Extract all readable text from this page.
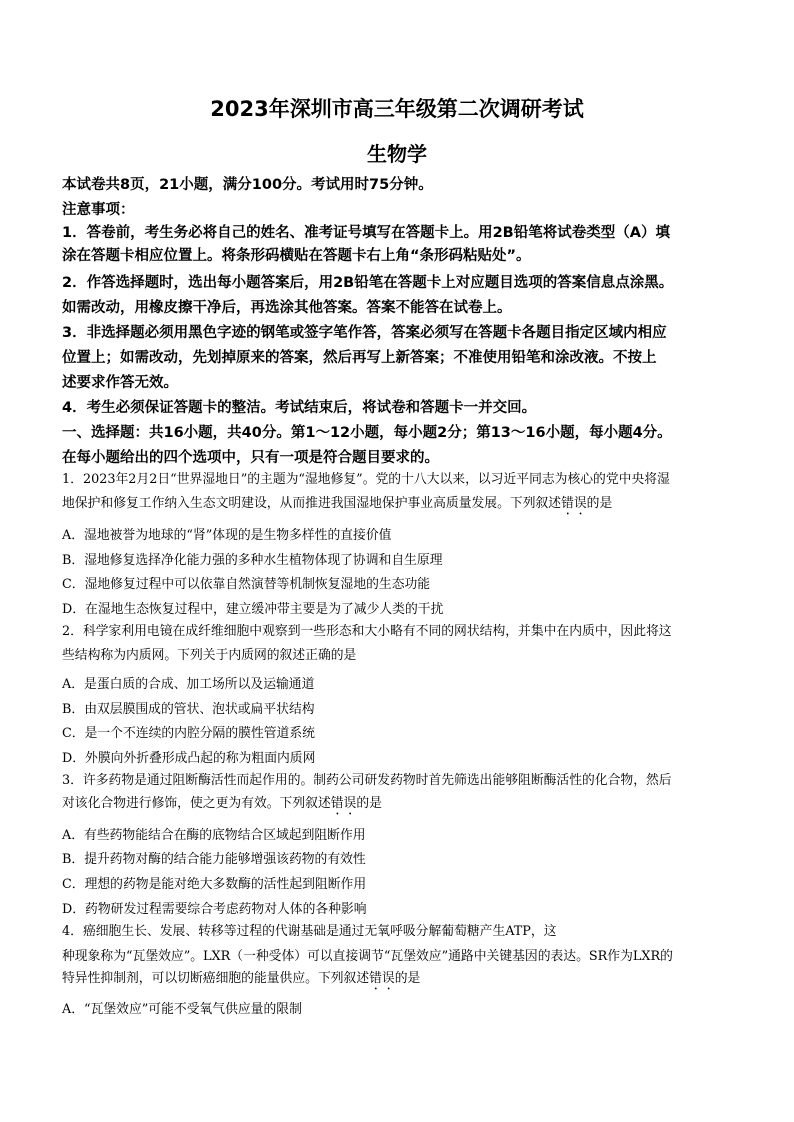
2023年深圳市高三年级第二次调研考试
生物学
本试卷共8页，21小题，满分100分。考试用时75分钟。
注意事项：
1．答卷前，考生务必将自己的姓名、准考证号填写在答题卡上。用2B铅笔将试卷类型（A）填
涂在答题卡相应位置上。将条形码横贴在答题卡右上角“条形码粘贴处”。
2．作答选择题时，选出每小题答案后，用2B铅笔在答题卡上对应题目选项的答案信息点涂黑。
如需改动，用橡皮擦干净后，再选涂其他答案。答案不能答在试卷上。
3．非选择题必须用黑色字迹的钢笔或签字笔作答，答案必须写在答题卡各题目指定区域内相应
位置上；如需改动，先划掉原来的答案，然后再写上新答案；不准使用铅笔和涂改液。不按上
述要求作答无效。
4．考生必须保证答题卡的整洁。考试结束后，将试卷和答题卡一并交回。
一、选择题：共16小题，共40分。第1～12小题，每小题2分；第13～16小题，每小题4分。
在每小题给出的四个选项中，只有一项是符合题目要求的。
1．2023年2月2日“世界湿地日”的主题为“湿地修复”。党的十八大以来，以习近平同志为核心的党中央将湿
地保护和修复工作纳入生态文明建设，从而推进我国湿地保护事业高质量发展。下列叙述错误的是
A．湿地被誉为地球的“肾”体现的是生物多样性的直接价值
B．湿地修复选择净化能力强的多种水生植物体现了协调和自生原理
C．湿地修复过程中可以依靠自然演替等机制恢复湿地的生态功能
D．在湿地生态恢复过程中，建立缓冲带主要是为了减少人类的干扰
2．科学家利用电镜在成纤维细胞中观察到一些形态和大小略有不同的网状结构，并集中在内质中，因此将这
些结构称为内质网。下列关于内质网的叙述正确的是
A．是蛋白质的合成、加工场所以及运输通道
B．由双层膜围成的管状、泡状或扁平状结构
C．是一个不连续的内腔分隔的膜性管道系统
D．外膜向外折叠形成凸起的称为粗面内质网
3．许多药物是通过阻断酶活性而起作用的。制药公司研发药物时首先筛选出能够阻断酶活性的化合物，然后
对该化合物进行修饰，使之更为有效。下列叙述错误的是
A．有些药物能结合在酶的底物结合区域起到阻断作用
B．提升药物对酶的结合能力能够增强该药物的有效性
C．理想的药物是能对绝大多数酶的活性起到阻断作用
D．药物研发过程需要综合考虑药物对人体的各种影响
4．癌细胞生长、发展、转移等过程的代谢基础是通过无氧呼吸分解葡萄糖产生ATP，这
种现象称为“瓦堡效应”。LXR（一种受体）可以直接调节“瓦堡效应”通路中关键基因的表达。SR作为LXR的
特异性抑制剂，可以切断癌细胞的能量供应。下列叙述错误的是
A．“瓦堡效应”可能不受氧气供应量的限制
